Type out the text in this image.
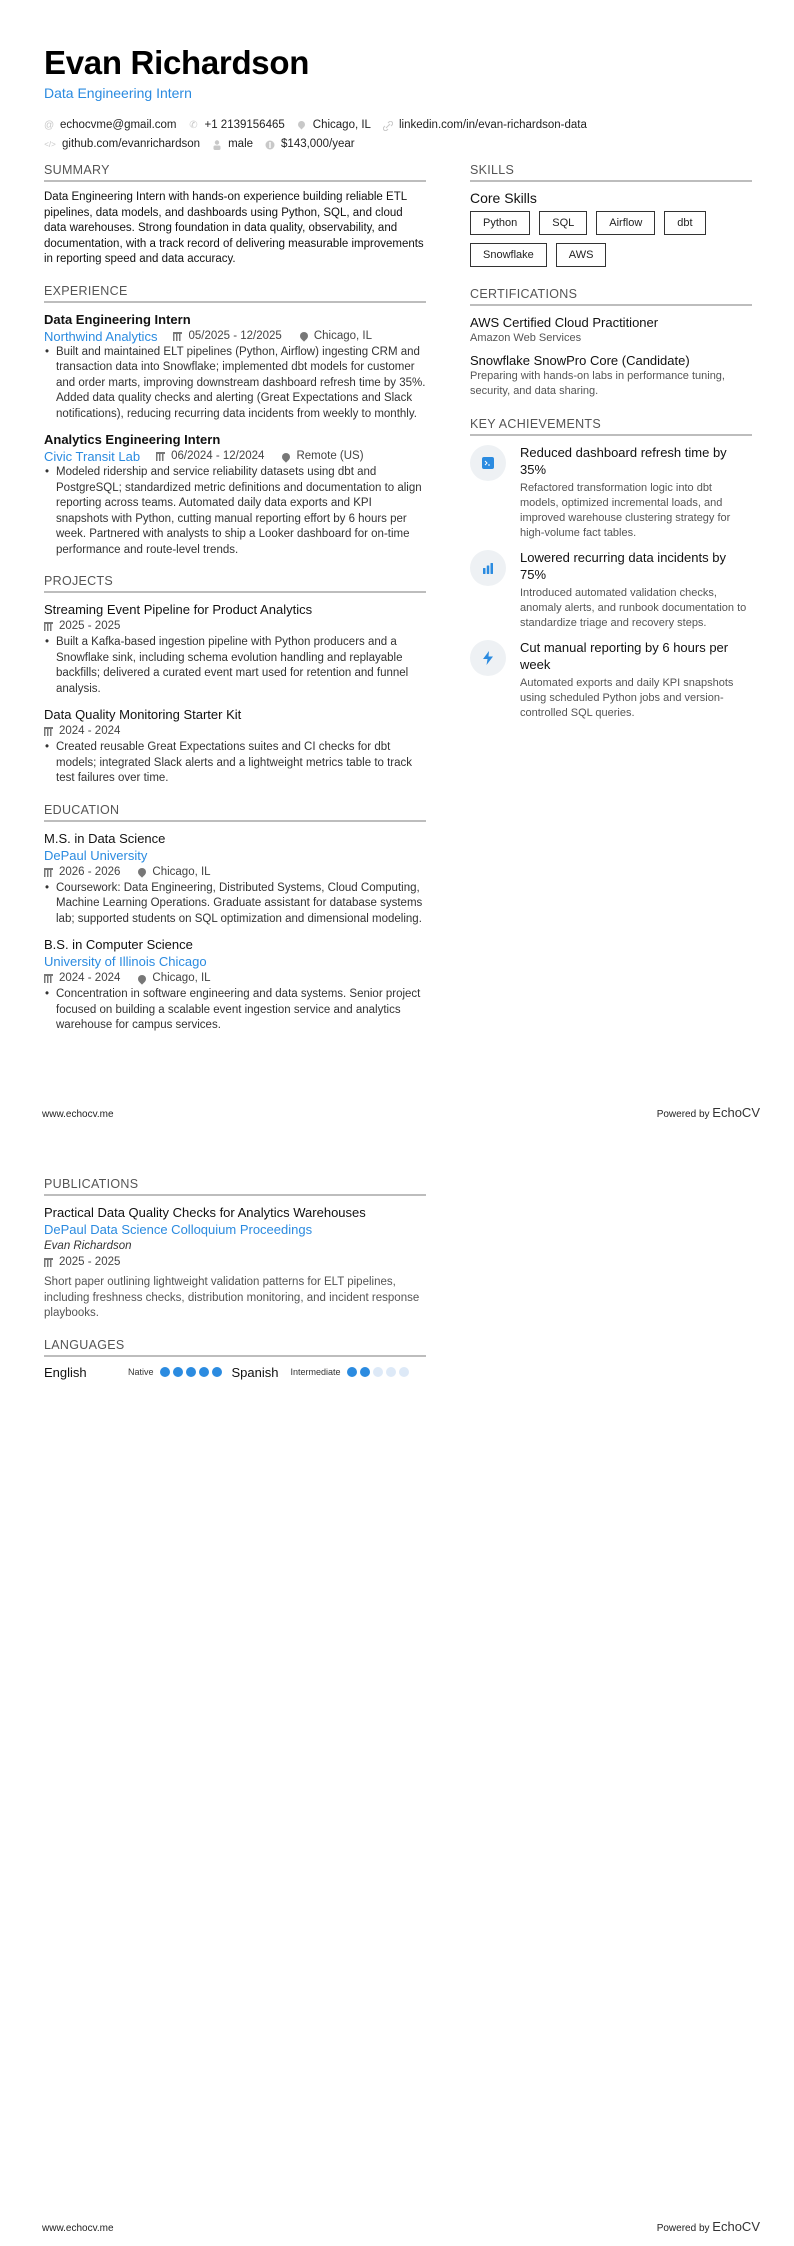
Evan Richardson
Data Engineering Intern
@ echocvme@gmail.com ✆ +1 2139156465 Chicago, IL linkedin.com/in/evan-richardson-data
</> github.com/evanrichardson male $143,000/year
SUMMARY
Data Engineering Intern with hands-on experience building reliable ETL pipelines, data models, and dashboards using Python, SQL, and cloud data warehouses. Strong foundation in data quality, observability, and documentation, with a track record of delivering measurable improvements in reporting speed and data accuracy.
EXPERIENCE
Data Engineering Intern
Northwind Analytics	05/2025 - 12/2025	Chicago, IL
• Built and maintained ELT pipelines (Python, Airflow) ingesting CRM and transaction data into Snowflake; implemented dbt models for customer and order marts, improving downstream dashboard refresh time by 35%. Added data quality checks and alerting (Great Expectations and Slack notifications), reducing recurring data incidents from weekly to monthly.
Analytics Engineering Intern
Civic Transit Lab	06/2024 - 12/2024	Remote (US)
• Modeled ridership and service reliability datasets using dbt and PostgreSQL; standardized metric definitions and documentation to align reporting across teams. Automated daily data exports and KPI snapshots with Python, cutting manual reporting effort by 6 hours per week. Partnered with analysts to ship a Looker dashboard for on-time performance and route-level trends.
PROJECTS
Streaming Event Pipeline for Product Analytics
2025 - 2025
• Built a Kafka-based ingestion pipeline with Python producers and a Snowflake sink, including schema evolution handling and replayable backfills; delivered a curated event mart used for retention and funnel analysis.
Data Quality Monitoring Starter Kit
2024 - 2024
• Created reusable Great Expectations suites and CI checks for dbt models; integrated Slack alerts and a lightweight metrics table to track test failures over time.
EDUCATION
M.S. in Data Science
DePaul University
2026 - 2026	Chicago, IL
• Coursework: Data Engineering, Distributed Systems, Cloud Computing, Machine Learning Operations. Graduate assistant for database systems lab; supported students on SQL optimization and dimensional modeling.
B.S. in Computer Science
University of Illinois Chicago
2024 - 2024	Chicago, IL
• Concentration in software engineering and data systems. Senior project focused on building a scalable event ingestion service and analytics warehouse for campus services.
SKILLS
Core Skills
Python	SQL	Airflow	dbt
Snowflake	AWS
CERTIFICATIONS
AWS Certified Cloud Practitioner
Amazon Web Services
Snowflake SnowPro Core (Candidate)
Preparing with hands-on labs in performance tuning, security, and data sharing.
KEY ACHIEVEMENTS
Reduced dashboard refresh time by 35%
Refactored transformation logic into dbt models, optimized incremental loads, and improved warehouse clustering strategy for high-volume fact tables.
Lowered recurring data incidents by 75%
Introduced automated validation checks, anomaly alerts, and runbook documentation to standardize triage and recovery steps.
Cut manual reporting by 6 hours per week
Automated exports and daily KPI snapshots using scheduled Python jobs and version-controlled SQL queries.
www.echocv.me	Powered by EchoCV
PUBLICATIONS
Practical Data Quality Checks for Analytics Warehouses
DePaul Data Science Colloquium Proceedings
Evan Richardson
2025 - 2025
Short paper outlining lightweight validation patterns for ELT pipelines, including freshness checks, distribution monitoring, and incident response playbooks.
LANGUAGES
English	Native	Spanish Intermediate
www.echocv.me	Powered by EchoCV
